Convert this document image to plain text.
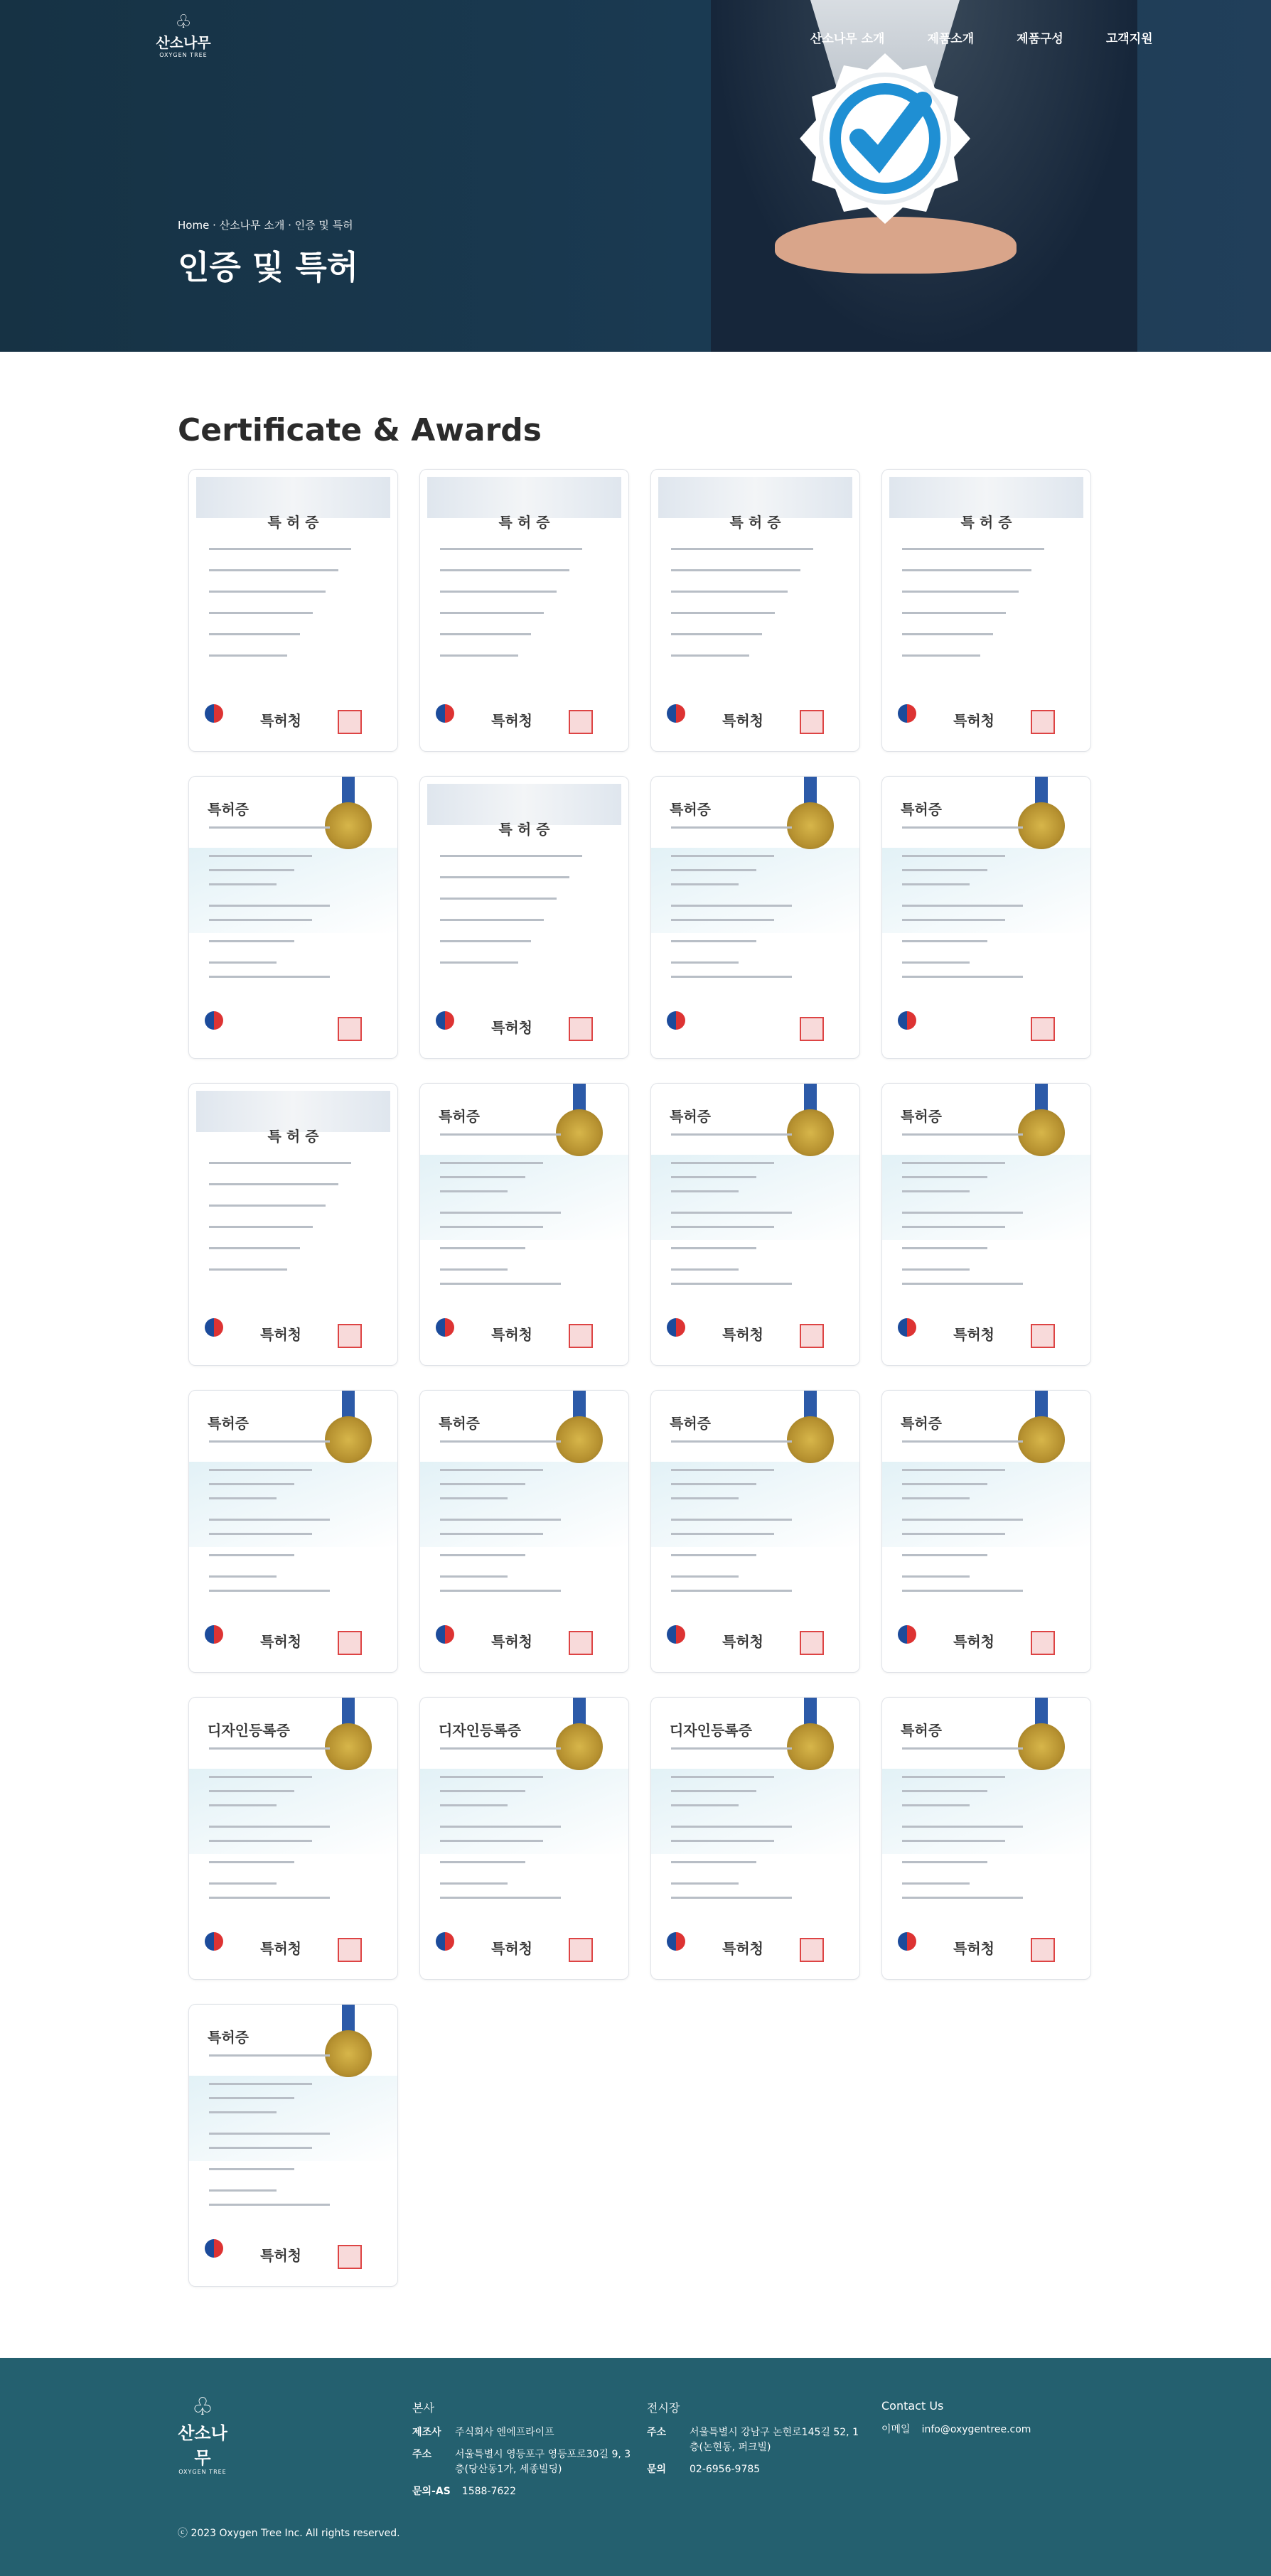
♧
산소나무
OXYGEN TREE
산소나무 소개	제품소개	제품구성	고객지원
Home · 산소나무 소개 · 인증 및 특허
인증 및 특허
Certificate & Awards
특 허 증
특허청
특 허 증
특허청
특 허 증
특허청
특 허 증
특허청
특허증
특 허 증
특허청
특허증	특허증
특 허 증
특허청
특허증
특허청
특허증
특허청
특허증
특허청
특허증
특허청
특허증
특허청
특허증
특허청
특허증
특허청
디자인등록증
특허청
디자인등록증
특허청
디자인등록증
특허청
특허증
특허청
특허증
특허청
♧
산소나무
OXYGEN TREE
본사
제조사 주식회사 엔에프라이프
주소	서울특별시 영등포구 영등포로30길 9, 3층(당산동1가, 세종빌딩)
문의-AS 1588-7622
전시장
주소	서울특별시 강남구 논현로145길 52, 1층(논현동, 퍼크빌)
문의	02-6956-9785
Contact Us
이메일 info@oxygentree.com
ⓒ 2023 Oxygen Tree Inc. All rights reserved.
